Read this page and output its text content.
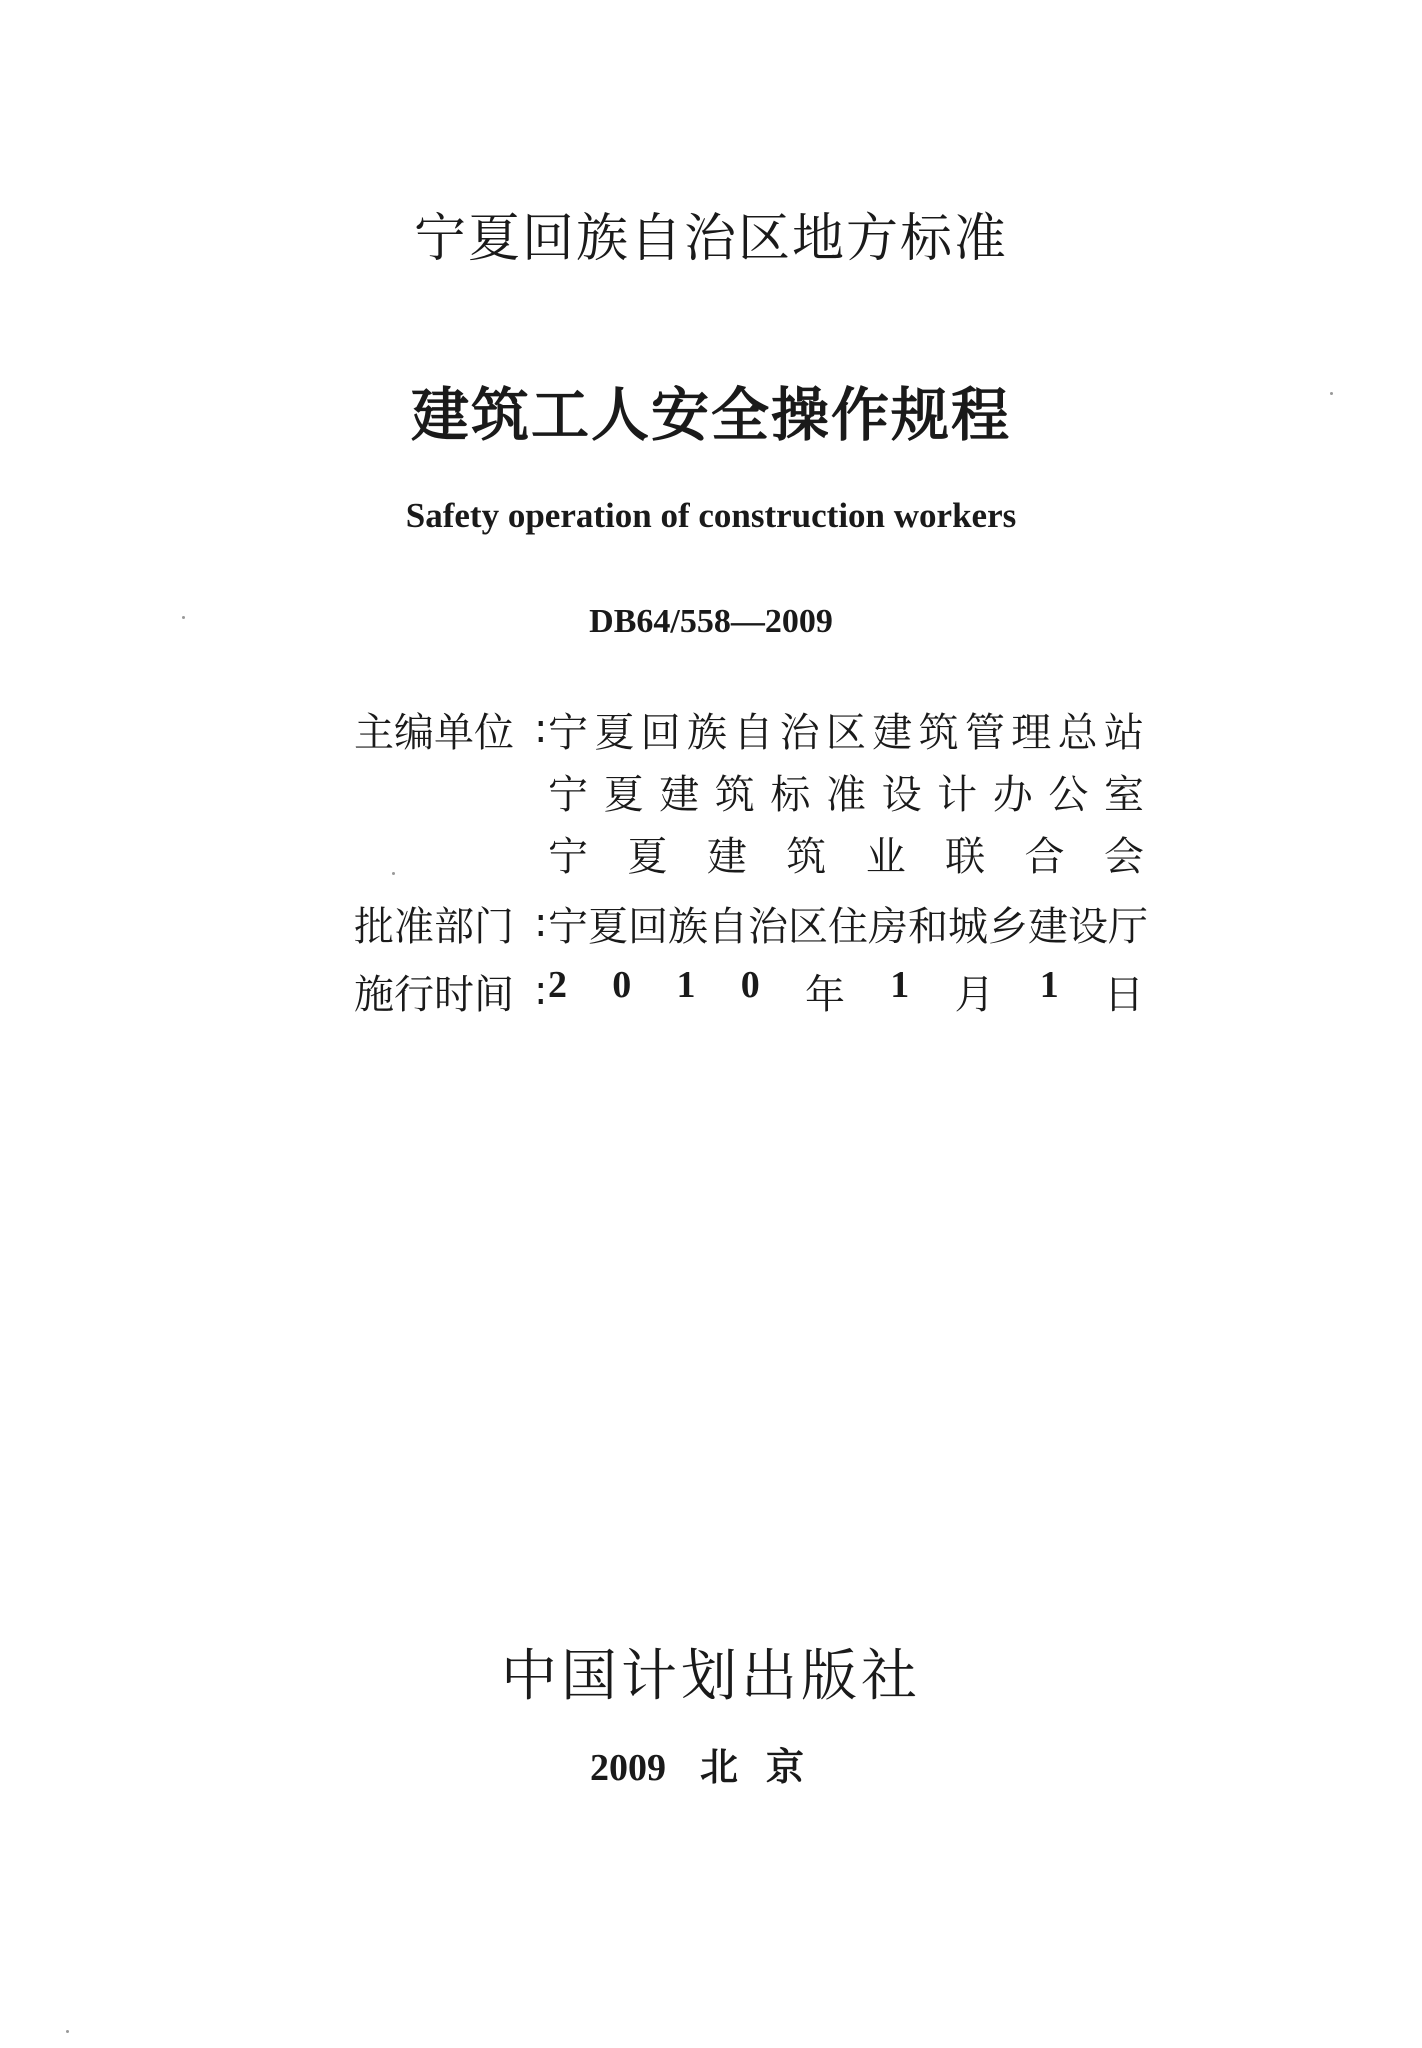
宁夏回族自治区地方标准
建筑工人安全操作规程
Safety operation of construction workers
DB64/558—2009
主编单位 : 宁 夏 回 族 自 治 区 建 筑 管 理 总 站
宁 夏 建 筑 标 准 设 计 办 公 室
宁 夏 建 筑 业 联 合 会
批准部门 : 宁 夏 回 族 自 治 区 住 房 和 城 乡 建 设 厅
施行时间 : 2 0 1 0 年 1 月 1 日
中国计划出版社
2009 北京
